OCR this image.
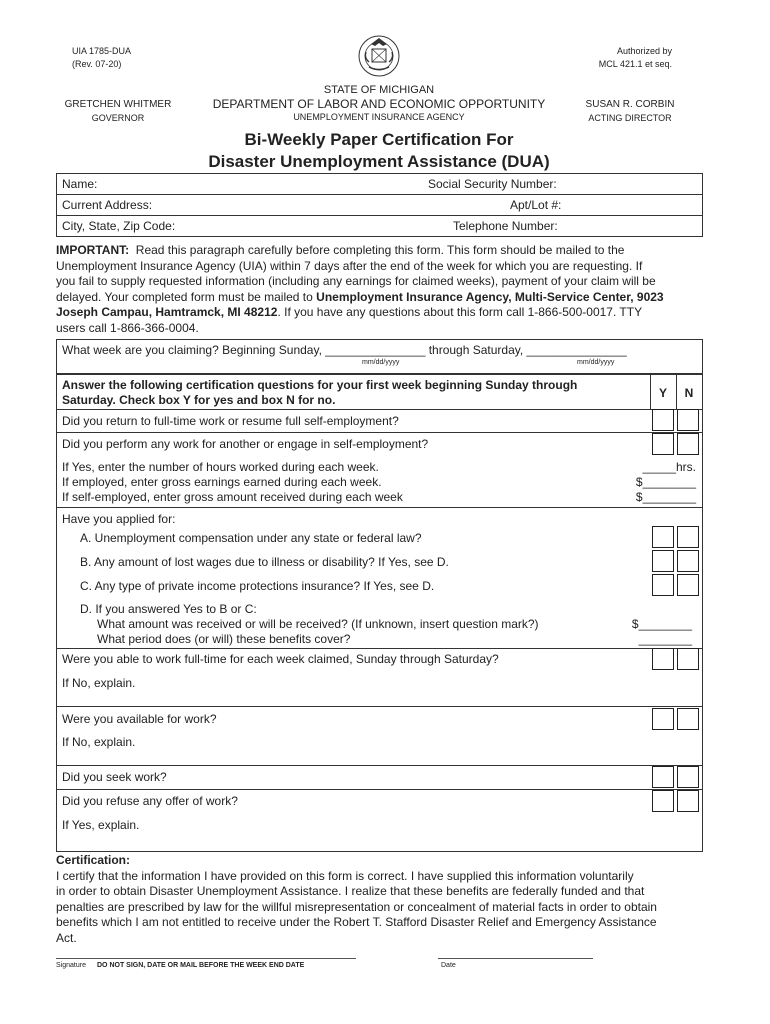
UIA 1785-DUA
(Rev. 07-20)
Authorized by
MCL 421.1 et seq.
STATE OF MICHIGAN
DEPARTMENT OF LABOR AND ECONOMIC OPPORTUNITY
UNEMPLOYMENT INSURANCE AGENCY
GRETCHEN WHITMER
GOVERNOR
SUSAN R. CORBIN
ACTING DIRECTOR
Bi-Weekly Paper Certification For
Disaster Unemployment Assistance (DUA)
Name:	Social Security Number:
Current Address:	Apt/Lot #:
City, State, Zip Code:	Telephone Number:
IMPORTANT: Read this paragraph carefully before completing this form. This form should be mailed to the
Unemployment Insurance Agency (UIA) within 7 days after the end of the week for which you are requesting. If
you fail to supply requested information (including any earnings for claimed weeks), payment of your claim will be
delayed. Your completed form must be mailed to Unemployment Insurance Agency, Multi-Service Center, 9023
Joseph Campau, Hamtramck, MI 48212. If you have any questions about this form call 1-866-500-0017. TTY
users call 1-866-366-0004.
What week are you claiming? Beginning Sunday, _______________ through Saturday, _______________
mm/dd/yyyy	mm/dd/yyyy
Answer the following certification questions for your first week beginning Sunday through
Saturday. Check box Y for yes and box N for no.	Y	N
Did you return to full-time work or resume full self-employment?
Did you perform any work for another or engage in self-employment?
If Yes, enter the number of hours worked during each week.	_____hrs.
If employed, enter gross earnings earned during each week.	$________
If self-employed, enter gross amount received during each week	$________
Have you applied for:
A. Unemployment compensation under any state or federal law?
B. Any amount of lost wages due to illness or disability? If Yes, see D.
C. Any type of private income protections insurance? If Yes, see D.
D. If you answered Yes to B or C:
What amount was received or will be received? (If unknown, insert question mark?)	$________
What period does (or will) these benefits cover?	________
Were you able to work full-time for each week claimed, Sunday through Saturday?
If No, explain.
Were you available for work?
If No, explain.
Did you seek work?
Did you refuse any offer of work?
If Yes, explain.
Certification:
I certify that the information I have provided on this form is correct. I have supplied this information voluntarily
in order to obtain Disaster Unemployment Assistance. I realize that these benefits are federally funded and that
penalties are prescribed by law for the willful misrepresentation or concealment of material facts in order to obtain
benefits which I am not entitled to receive under the Robert T. Stafford Disaster Relief and Emergency Assistance
Act.
Signature DO NOT SIGN, DATE OR MAIL BEFORE THE WEEK END DATE	Date
